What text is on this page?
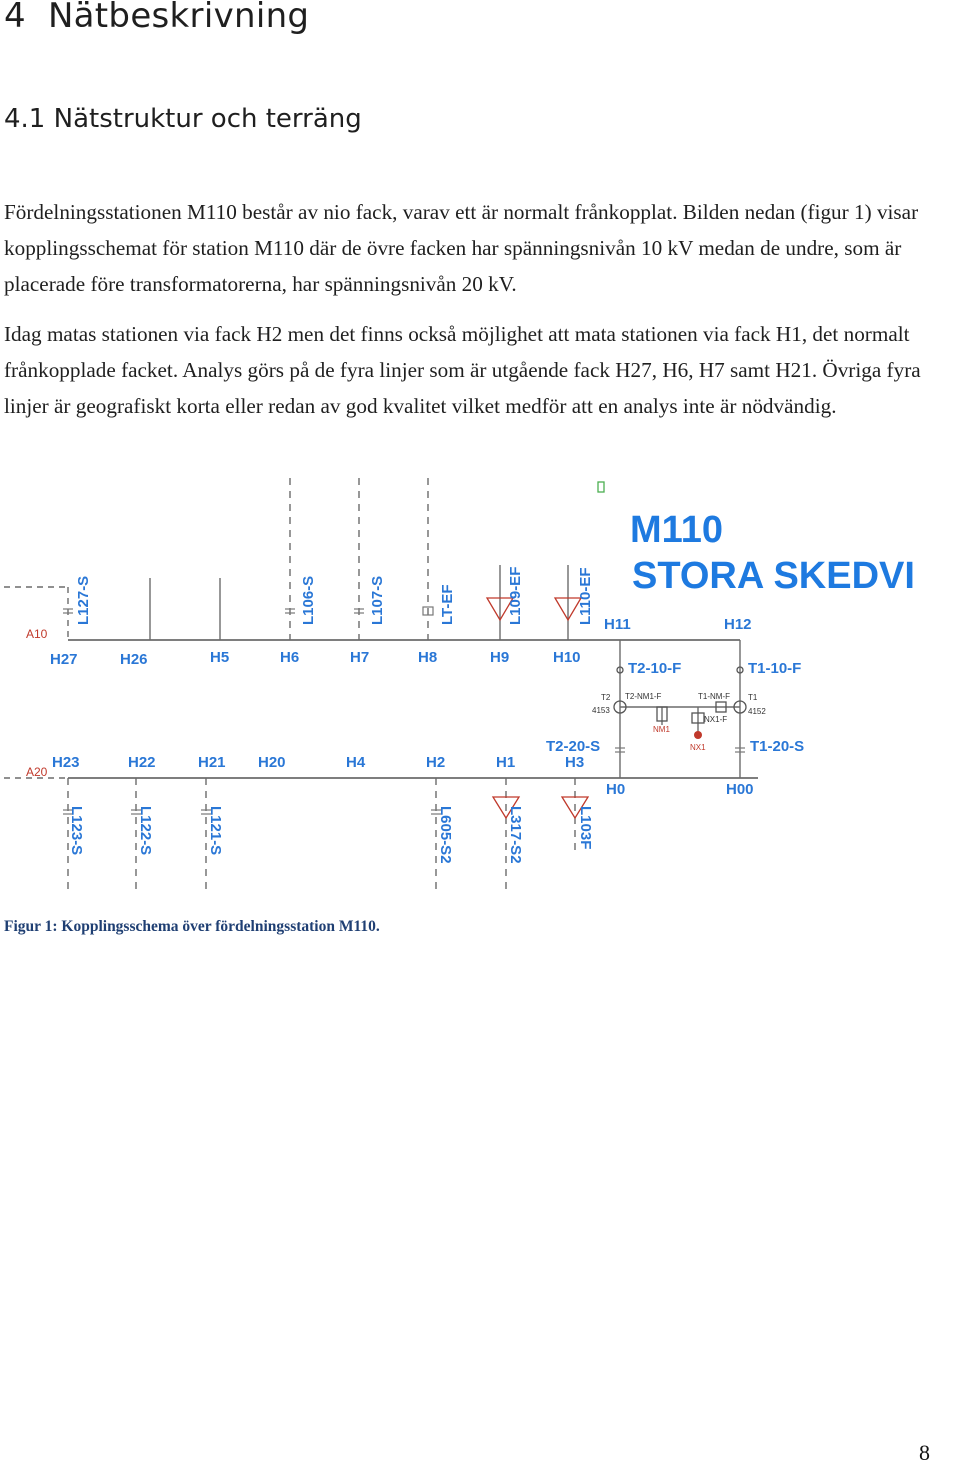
4 Nätbeskrivning
4.1 Nätstruktur och terräng

Fördelningsstationen M110 består av nio fack, varav ett är normalt frånkopplat. Bilden nedan (figur 1) visar kopplingsschemat för station M110 där de övre facken har spänningsnivån 10 kV medan de undre, som är placerade före transformatorerna, har spänningsnivån 20 kV.

Idag matas stationen via fack H2 men det finns också möjlighet att mata stationen via fack H1, det normalt frånkopplade facket. Analys görs på de fyra linjer som är utgående fack H27, H6, H7 samt H21. Övriga fyra linjer är geografiskt korta eller redan av god kvalitet vilket medför att en analys inte är nödvändig.

A10
A20
M110
STORA SKEDVI
H27	H26	H5	H6	H7	H8	H9	H10
H11	H12
L127-S	L106-S	L107-S	LT-EF	L109-EF	L110-EF
T2-10-F	T1-10-F
T2-20-S	T1-20-S
T2
4153
T1
4152
T2-NM1-F	T1-NM-F
NX1-F
NM1
NX1
H23	H22	H21 H20	H4	H2	H1	H3
H0	H00
L123-S	L122-S	L121-S	L605-S2	L317-S2	L103F

Figur 1: Kopplingsschema över fördelningsstation M110.

8
